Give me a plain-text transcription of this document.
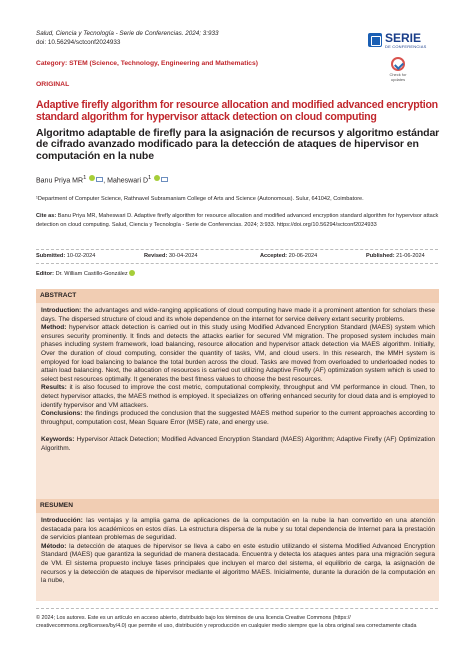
Salud, Ciencia y Tecnología - Serie de Conferencias. 2024; 3:933
doi: 10.56294/sctconf2024933	SERIE
DE CONFERENCIAS
Check for
updates
Category: STEM (Science, Technology, Engineering and Mathematics)
ORIGINAL
Adaptive firefly algorithm for resource allocation and modified advanced encryption standard algorithm for hypervisor attack detection on cloud computing
Algoritmo adaptable de firefly para la asignación de recursos y algoritmo estándar de cifrado avanzado modificado para la detección de ataques de hipervisor en computación en la nube
Banu Priya $MR^1$ , Maheswari $D^1$
¹Department of Computer Science, Rathnavel Subramaniam College of Arts and Science (Autonomous). Sulur, 641042, Coimbatore.
Cite as: Banu Priya MR, Maheswari D. Adaptive firefly algorithm for resource allocation and modified advanced encryption standard algorithm for hypervisor attack detection on cloud computing. Salud, Ciencia y Tecnología - Serie de Conferencias. 2024; 3:933. https://doi.org/10.56294/sctconf2024933
Submitted: 10-02-2024	Revised: 30-04-2024	Accepted: 20-06-2024	Published: 21-06-2024
Editor: Dr. William Castillo-González
ABSTRACT

Introduction: the advantages and wide-ranging applications of cloud computing have made it a prominent attention for scholars these days. The dispersed structure of cloud and its whole dependence on the internet for service delivery extant security problems.

Method: hypervisor attack detection is carried out in this study using Modified Advanced Encryption Standard (MAES) system which ensures security prominently. It finds and detects the attacks earlier for secured VM migration. The proposed system includes main phases including system framework, load balancing, resource allocation and hypervisor attack detection via MAES algorithm. Initially, Over the duration of cloud computing, consider the quantity of tasks, VM, and cloud users. In this research, the MMH system is employed for load balancing to balance the total burden across the cloud. Tasks are moved from overloaded to underloaded nodes to attain load balancing. Next, the allocation of resources is carried out utilizing Adaptive Firefly (AF) optimization system which is used to select best resources optimally. It generates the best fitness values to choose the best resources.

Results: it is also focused to improve the cost metric, computational complexity, throughput and VM performance in cloud. Then, to detect hypervisor attacks, the MAES method is employed. It specializes on offering enhanced security for cloud data and is employed to identify hypervisor and VM attackers.

Conclusions: the findings produced the conclusion that the suggested MAES method superior to the current approaches according to throughput, computation cost, Mean Square Error (MSE) rate, and energy use.

Keywords: Hypervisor Attack Detection; Modified Advanced Encryption Standard (MAES) Algorithm; Adaptive Firefly (AF) Optimization Algorithm.

RESUMEN

Introducción: las ventajas y la amplia gama de aplicaciones de la computación en la nube la han convertido en una atención destacada para los académicos en estos días. La estructura dispersa de la nube y su total dependencia de Internet para la prestación de servicios plantean problemas de seguridad.

Método: la detección de ataques de hipervisor se lleva a cabo en este estudio utilizando el sistema Modified Advanced Encryption Standard (MAES) que garantiza la seguridad de manera destacada. Encuentra y detecta los ataques antes para una migración segura de VM. El sistema propuesto incluye fases principales que incluyen el marco del sistema, el equilibrio de carga, la asignación de recursos y la detección de ataques de hipervisor mediante el algoritmo MAES. Inicialmente, durante la duración de la computación en la nube,

© 2024; Los autores. Este es un artículo en acceso abierto, distribuido bajo los términos de una licencia Creative Commons (https:// creativecommons.org/licenses/by/4.0) que permite el uso, distribución y reproducción en cualquier medio siempre que la obra original sea correctamente citada
